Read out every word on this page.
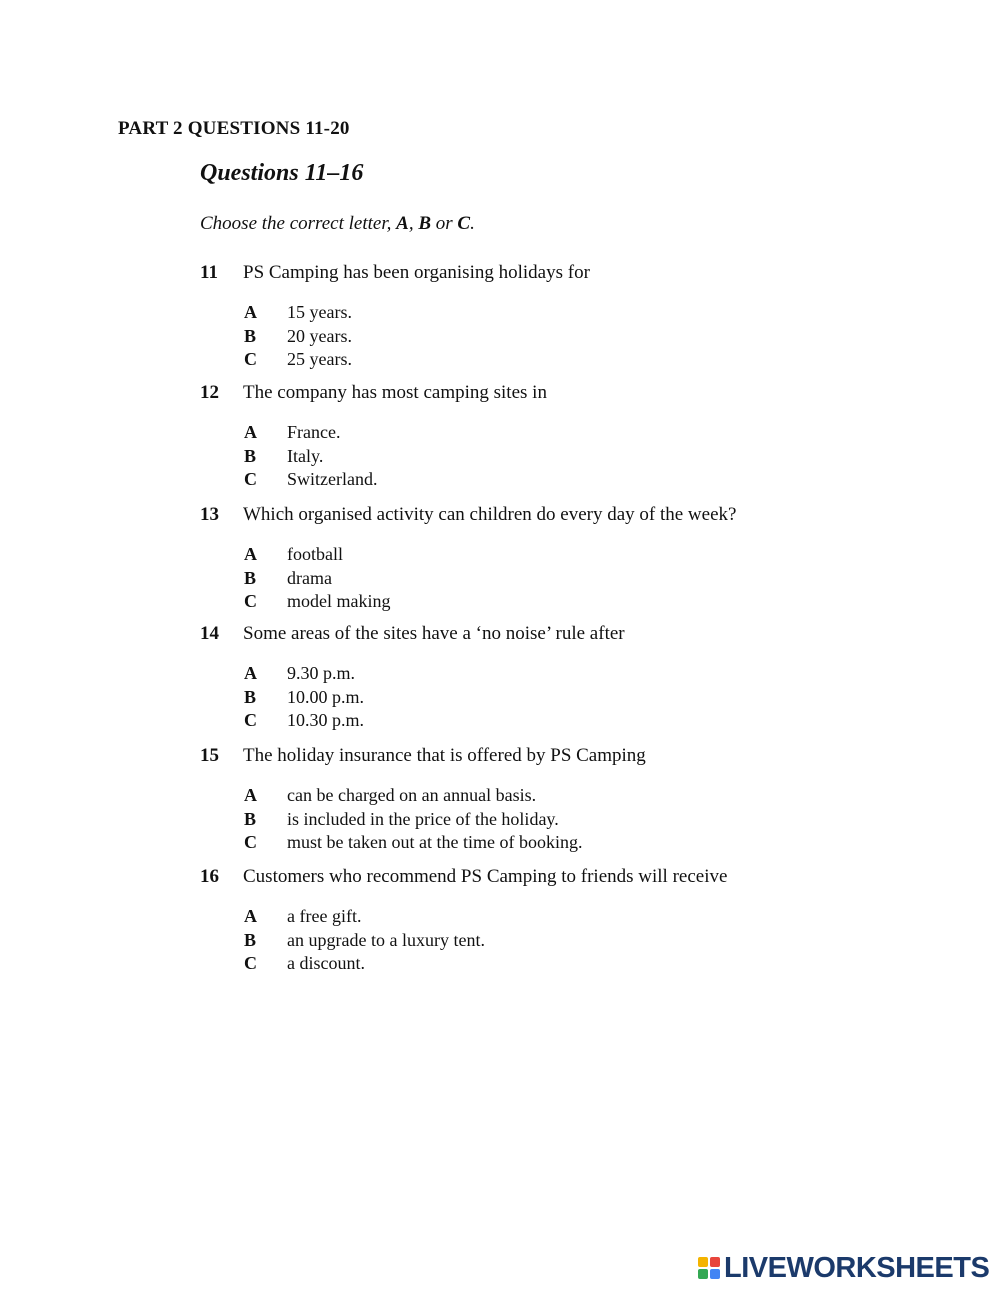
PART 2 QUESTIONS 11-20
Questions 11–16
Choose the correct letter, A, B or C.
11 PS Camping has been organising holidays for
A 15 years.
B 20 years.
C 25 years.
12 The company has most camping sites in
A France.
B Italy.
C Switzerland.
13 Which organised activity can children do every day of the week?
A football
B drama
C model making
14 Some areas of the sites have a ‘no noise’ rule after
A 9.30 p.m.
B 10.00 p.m.
C 10.30 p.m.
15 The holiday insurance that is offered by PS Camping
A can be charged on an annual basis.
B is included in the price of the holiday.
C must be taken out at the time of booking.
16 Customers who recommend PS Camping to friends will receive
A a free gift.
B an upgrade to a luxury tent.
C a discount.
LIVEWORKSHEETS
